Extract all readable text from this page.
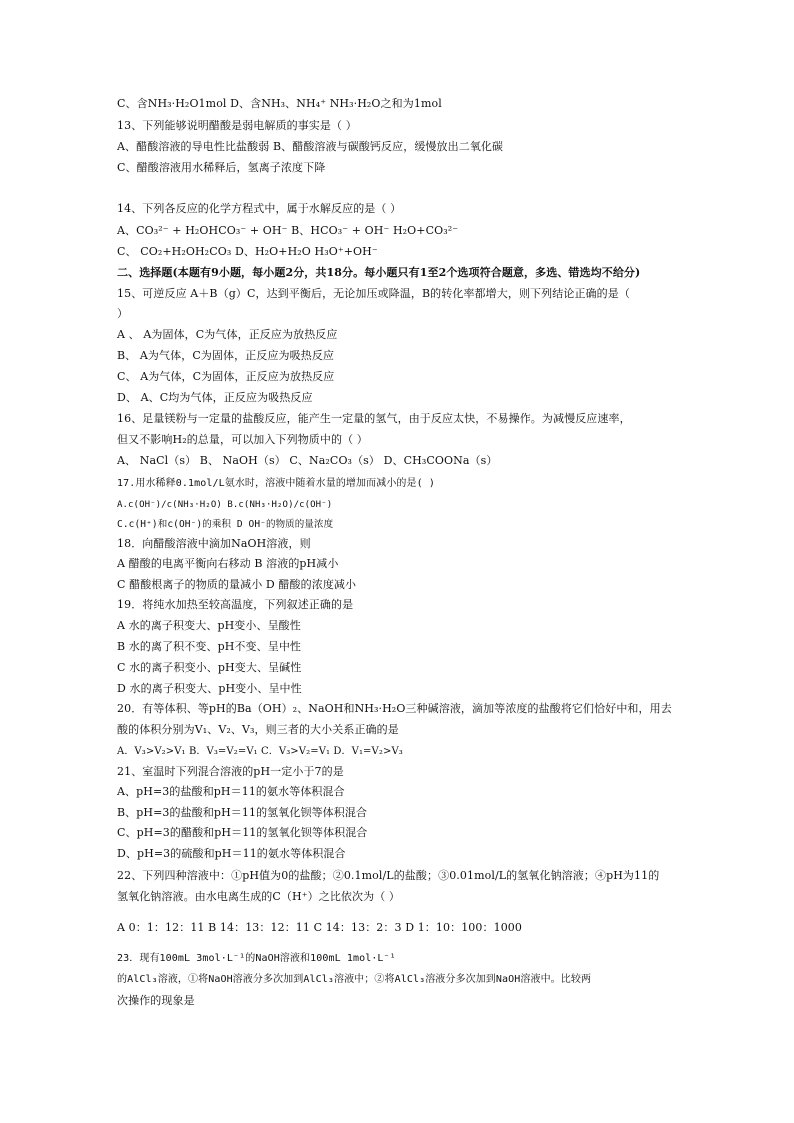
C、含NH₃·H₂O1mol D、含NH₃、NH₄⁺ NH₃·H₂O之和为1mol
13、下列能够说明醋酸是弱电解质的事实是（ ）
A、醋酸溶液的导电性比盐酸弱 B、醋酸溶液与碳酸钙反应，缓慢放出二氧化碳
C、醋酸溶液用水稀释后，氢离子浓度下降
14、下列各反应的化学方程式中，属于水解反应的是（ ）
A、CO₃²⁻ + H₂OHCO₃⁻ + OH⁻ B、HCO₃⁻ + OH⁻ H₂O+CO₃²⁻
C、 CO₂+H₂OH₂CO₃ D、H₂O+H₂O H₃O⁺+OH⁻
二、选择题(本题有9小题，每小题2分，共18分。每小题只有1至2个选项符合题意，多选、错选均不给分)
15、可逆反应 A＋B（g）C，达到平衡后，无论加压或降温，B的转化率都增大，则下列结论正确的是（
）
A 、 A为固体，C为气体，正反应为放热反应
B、 A为气体，C为固体，正反应为吸热反应
C、 A为气体，C为固体，正反应为放热反应
D、 A、C均为气体，正反应为吸热反应
16、足量镁粉与一定量的盐酸反应，能产生一定量的氢气，由于反应太快，不易操作。为减慢反应速率，
但又不影响H₂的总量，可以加入下列物质中的（ ）
A、 NaCl（s） B、 NaOH（s） C、Na₂CO₃（s） D、CH₃COONa（s）
17.用水稀释0.1mol/L氨水时，溶液中随着水量的增加而减小的是( )
A.c(OH⁻)/c(NH₃·H₂O) B.c(NH₃·H₂O)/c(OH⁻)
C.c(H⁺)和c(OH⁻)的乘积 D OH⁻的物质的量浓度
18．向醋酸溶液中滴加NaOH溶液，则
A 醋酸的电离平衡向右移动 B 溶液的pH减小
C 醋酸根离子的物质的量减小 D 醋酸的浓度减小
19．将纯水加热至较高温度，下列叙述正确的是
A 水的离子积变大、pH变小、呈酸性
B 水的离了积不变、pH不变、呈中性
C 水的离子积变小、pH变大、呈碱性
D 水的离子积变大、pH变小、呈中性
20．有等体积、等pH的Ba（OH）₂、NaOH和NH₃·H₂O三种碱溶液，滴加等浓度的盐酸将它们恰好中和，用去
酸的体积分别为V₁、V₂、V₃，则三者的大小关系正确的是
A．V₃>V₂>V₁ B．V₃=V₂=V₁ C．V₃>V₂=V₁ D．V₁=V₂>V₃
21、室温时下列混合溶液的pH一定小于7的是
A、pH=3的盐酸和pH＝11的氨水等体积混合
B、pH=3的盐酸和pH＝11的氢氧化钡等体积混合
C、pH=3的醋酸和pH＝11的氢氧化钡等体积混合
D、pH=3的硫酸和pH＝11的氨水等体积混合
22、下列四种溶液中：①pH值为0的盐酸；②0.1mol/L的盐酸；③0.01mol/L的氢氧化钠溶液；④pH为11的
氢氧化钠溶液。由水电离生成的C（H⁺）之比依次为（ ）
A 0：1：12：11 B 14：13：12：11 C 14：13：2：3 D 1：10：100：1000
23．现有100mL 3mol·L⁻¹的NaOH溶液和100mL 1mol·L⁻¹
的AlCl₃溶液，①将NaOH溶液分多次加到AlCl₃溶液中；②将AlCl₃溶液分多次加到NaOH溶液中。比较两
次操作的现象是
